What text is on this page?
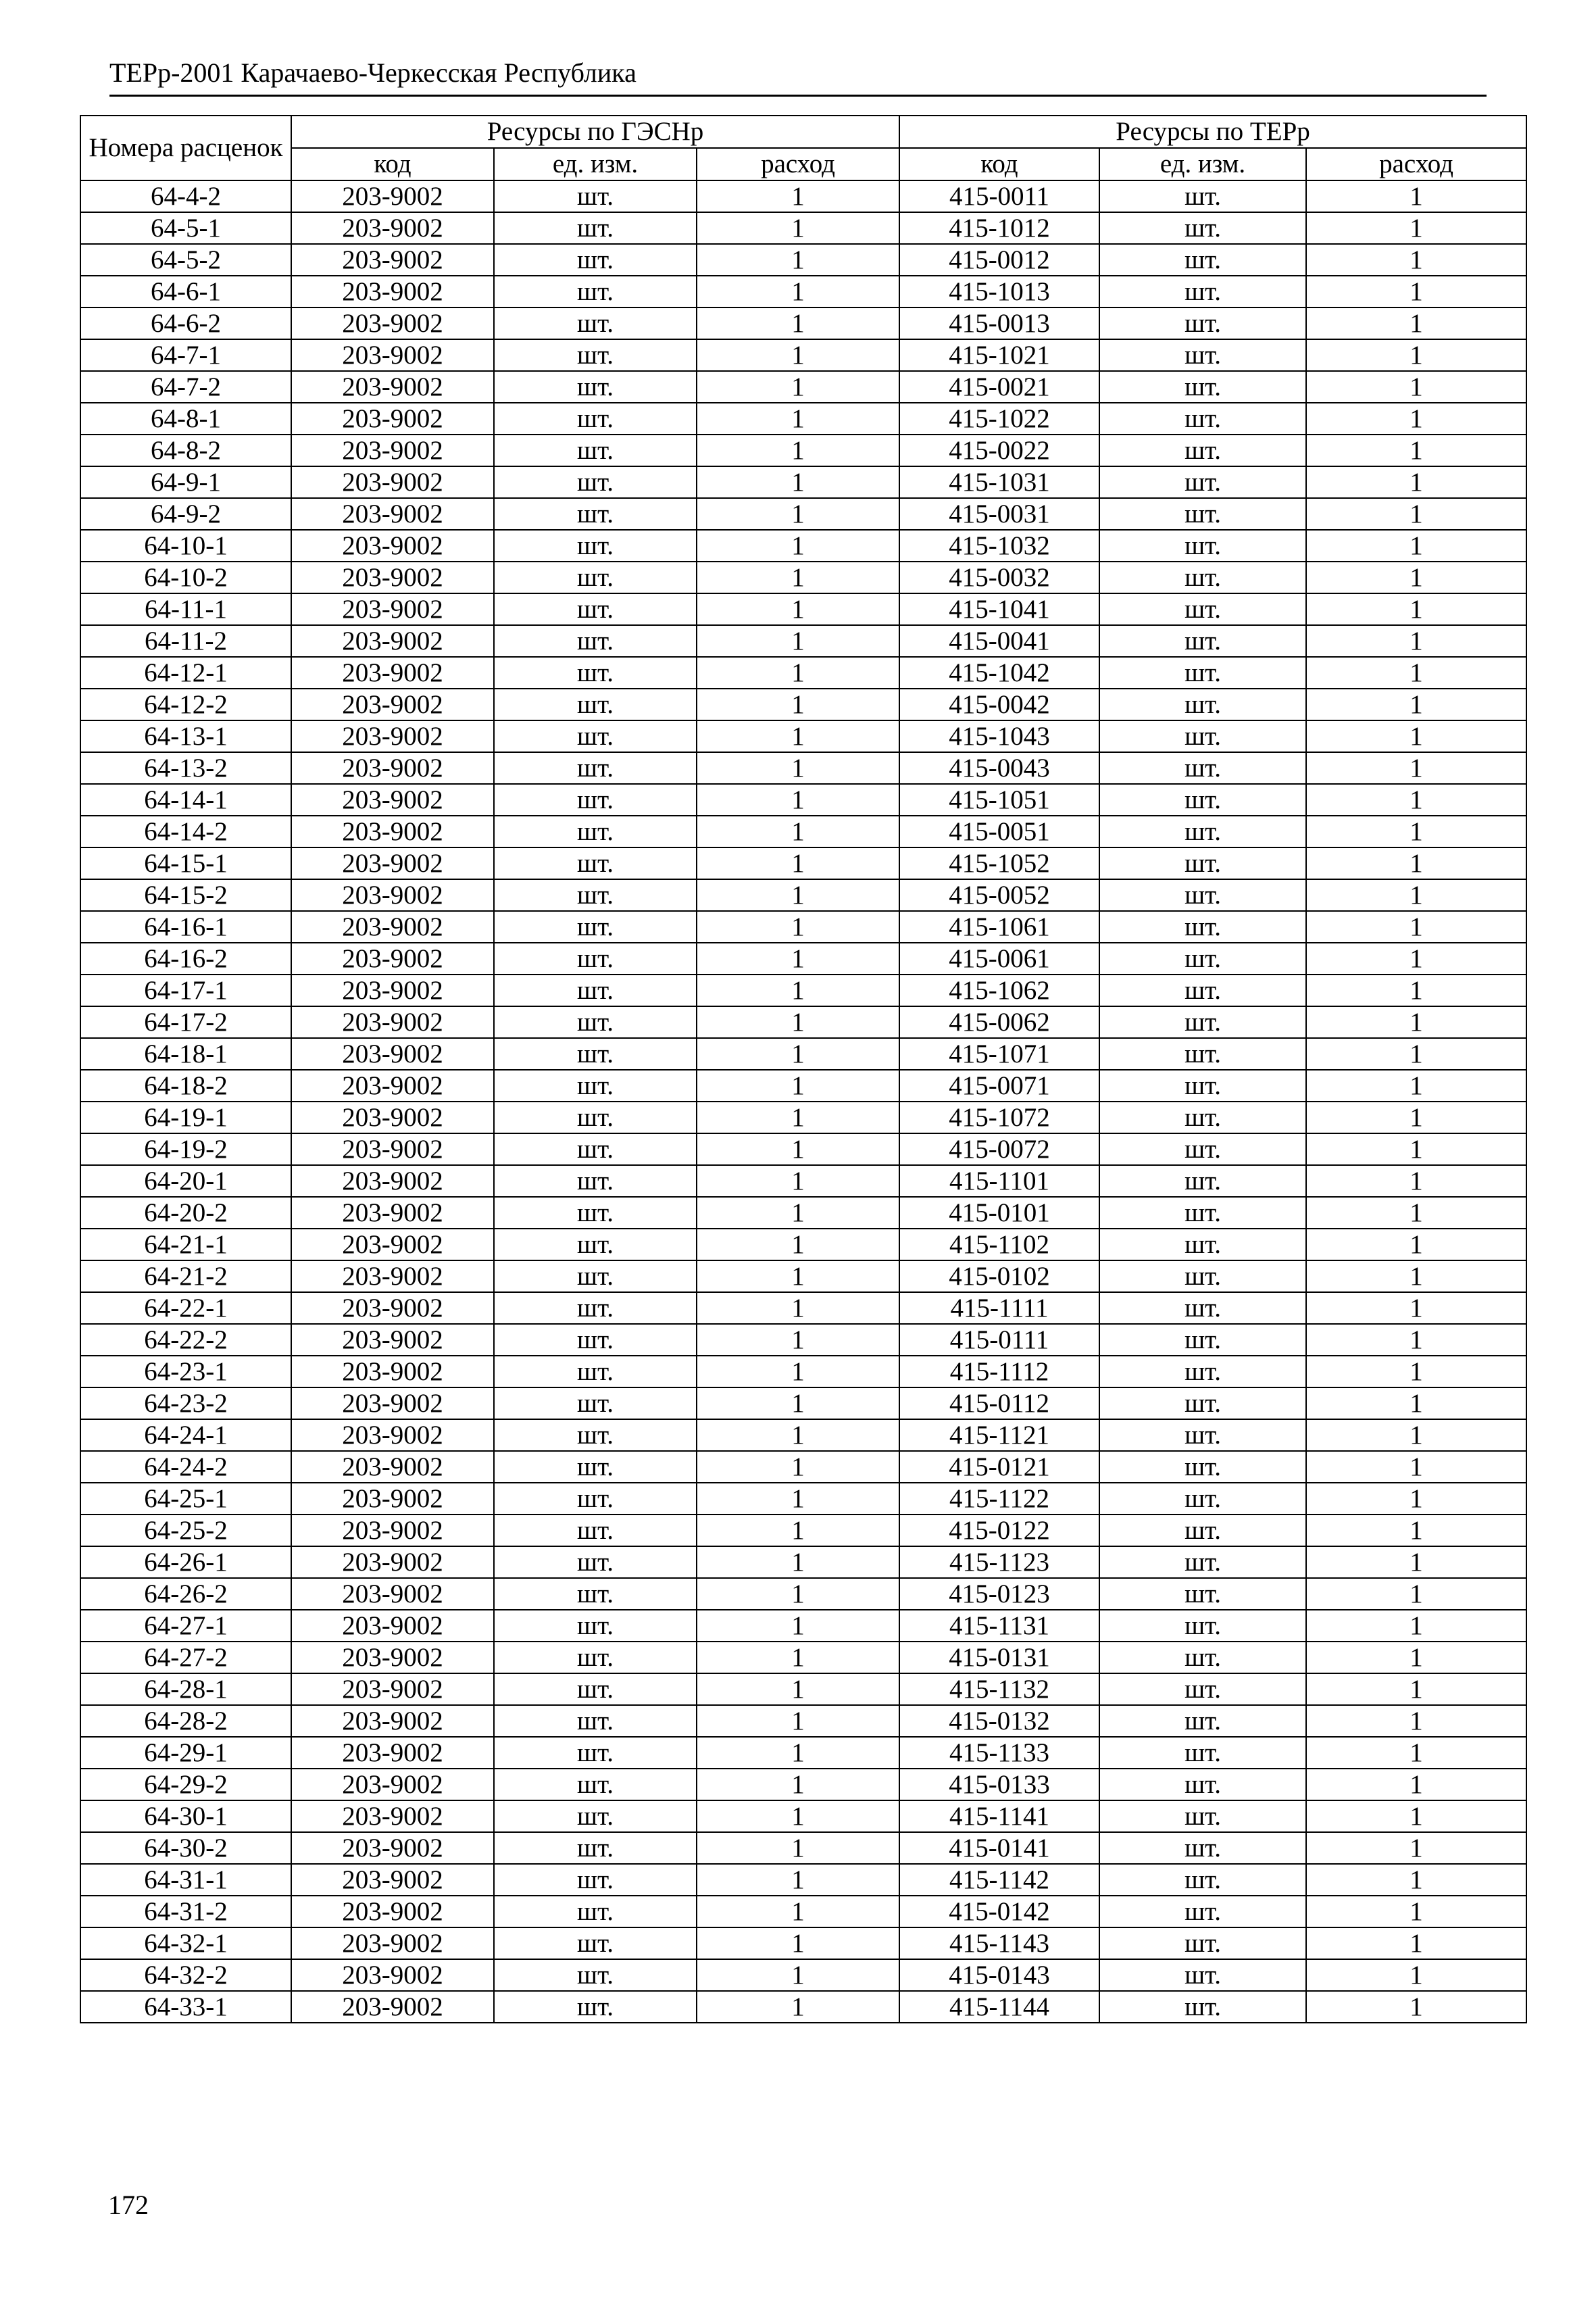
ТЕРр-2001 Карачаево-Черкесская Республика
Номера расценок	Ресурсы по ГЭСНр			Ресурсы по ТЕРр		
	код	ед. изм.	расход	код	ед. изм.	расход
64-4-2	203-9002	шт.	1	415-0011	шт.	1
64-5-1	203-9002	шт.	1	415-1012	шт.	1
64-5-2	203-9002	шт.	1	415-0012	шт.	1
64-6-1	203-9002	шт.	1	415-1013	шт.	1
64-6-2	203-9002	шт.	1	415-0013	шт.	1
64-7-1	203-9002	шт.	1	415-1021	шт.	1
64-7-2	203-9002	шт.	1	415-0021	шт.	1
64-8-1	203-9002	шт.	1	415-1022	шт.	1
64-8-2	203-9002	шт.	1	415-0022	шт.	1
64-9-1	203-9002	шт.	1	415-1031	шт.	1
64-9-2	203-9002	шт.	1	415-0031	шт.	1
64-10-1	203-9002	шт.	1	415-1032	шт.	1
64-10-2	203-9002	шт.	1	415-0032	шт.	1
64-11-1	203-9002	шт.	1	415-1041	шт.	1
64-11-2	203-9002	шт.	1	415-0041	шт.	1
64-12-1	203-9002	шт.	1	415-1042	шт.	1
64-12-2	203-9002	шт.	1	415-0042	шт.	1
64-13-1	203-9002	шт.	1	415-1043	шт.	1
64-13-2	203-9002	шт.	1	415-0043	шт.	1
64-14-1	203-9002	шт.	1	415-1051	шт.	1
64-14-2	203-9002	шт.	1	415-0051	шт.	1
64-15-1	203-9002	шт.	1	415-1052	шт.	1
64-15-2	203-9002	шт.	1	415-0052	шт.	1
64-16-1	203-9002	шт.	1	415-1061	шт.	1
64-16-2	203-9002	шт.	1	415-0061	шт.	1
64-17-1	203-9002	шт.	1	415-1062	шт.	1
64-17-2	203-9002	шт.	1	415-0062	шт.	1
64-18-1	203-9002	шт.	1	415-1071	шт.	1
64-18-2	203-9002	шт.	1	415-0071	шт.	1
64-19-1	203-9002	шт.	1	415-1072	шт.	1
64-19-2	203-9002	шт.	1	415-0072	шт.	1
64-20-1	203-9002	шт.	1	415-1101	шт.	1
64-20-2	203-9002	шт.	1	415-0101	шт.	1
64-21-1	203-9002	шт.	1	415-1102	шт.	1
64-21-2	203-9002	шт.	1	415-0102	шт.	1
64-22-1	203-9002	шт.	1	415-1111	шт.	1
64-22-2	203-9002	шт.	1	415-0111	шт.	1
64-23-1	203-9002	шт.	1	415-1112	шт.	1
64-23-2	203-9002	шт.	1	415-0112	шт.	1
64-24-1	203-9002	шт.	1	415-1121	шт.	1
64-24-2	203-9002	шт.	1	415-0121	шт.	1
64-25-1	203-9002	шт.	1	415-1122	шт.	1
64-25-2	203-9002	шт.	1	415-0122	шт.	1
64-26-1	203-9002	шт.	1	415-1123	шт.	1
64-26-2	203-9002	шт.	1	415-0123	шт.	1
64-27-1	203-9002	шт.	1	415-1131	шт.	1
64-27-2	203-9002	шт.	1	415-0131	шт.	1
64-28-1	203-9002	шт.	1	415-1132	шт.	1
64-28-2	203-9002	шт.	1	415-0132	шт.	1
64-29-1	203-9002	шт.	1	415-1133	шт.	1
64-29-2	203-9002	шт.	1	415-0133	шт.	1
64-30-1	203-9002	шт.	1	415-1141	шт.	1
64-30-2	203-9002	шт.	1	415-0141	шт.	1
64-31-1	203-9002	шт.	1	415-1142	шт.	1
64-31-2	203-9002	шт.	1	415-0142	шт.	1
64-32-1	203-9002	шт.	1	415-1143	шт.	1
64-32-2	203-9002	шт.	1	415-0143	шт.	1
64-33-1	203-9002	шт.	1	415-1144	шт.	1
172
